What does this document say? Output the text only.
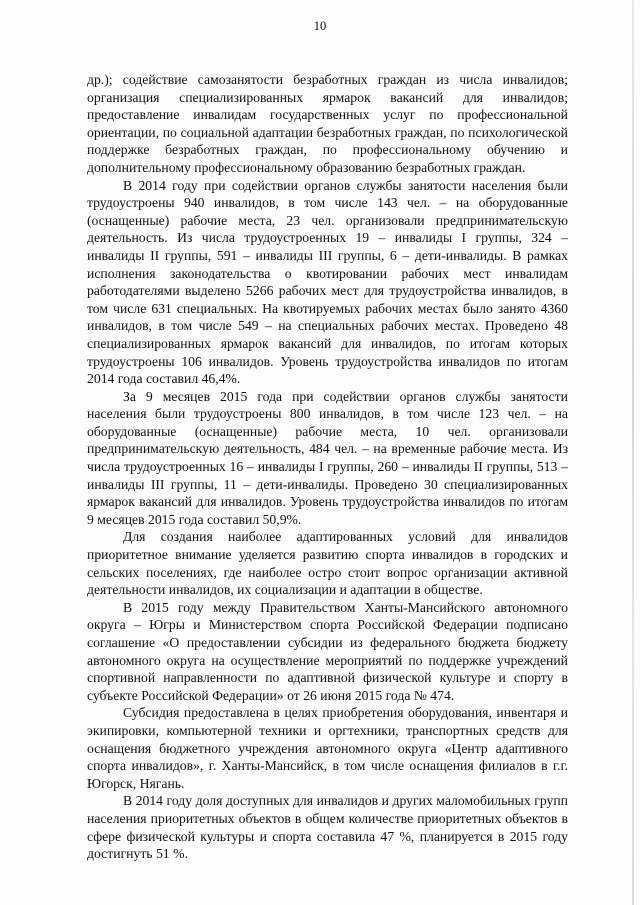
10

др.); содействие самозанятости безработных граждан из числа инвалидов; организация специализированных ярмарок вакансий для инвалидов; предоставление инвалидам государственных услуг по профессиональной ориентации, по социальной адаптации безработных граждан, по психологической поддержке безработных граждан, по профессиональному обучению и дополнительному профессиональному образованию безработных граждан.

В 2014 году при содействии органов службы занятости населения были трудоустроены 940 инвалидов, в том числе 143 чел. – на оборудованные (оснащенные) рабочие места, 23 чел. организовали предпринимательскую деятельность. Из числа трудоустроенных 19 – инвалиды I группы, 324 – инвалиды II группы, 591 – инвалиды III группы, 6 – дети-инвалиды. В рамках исполнения законодательства о квотировании рабочих мест инвалидам работодателями выделено 5266 рабочих мест для трудоустройства инвалидов, в том числе 631 специальных. На квотируемых рабочих местах было занято 4360 инвалидов, в том числе 549 – на специальных рабочих местах. Проведено 48 специализированных ярмарок вакансий для инвалидов, по итогам которых трудоустроены 106 инвалидов. Уровень трудоустройства инвалидов по итогам 2014 года составил 46,4%.

За 9 месяцев 2015 года при содействии органов службы занятости населения были трудоустроены 800 инвалидов, в том числе 123 чел. – на оборудованные (оснащенные) рабочие места, 10 чел. организовали предпринимательскую деятельность, 484 чел. – на временные рабочие места. Из числа трудоустроенных 16 – инвалиды I группы, 260 – инвалиды II группы, 513 – инвалиды III группы, 11 – дети-инвалиды. Проведено 30 специализированных ярмарок вакансий для инвалидов. Уровень трудоустройства инвалидов по итогам 9 месяцев 2015 года составил 50,9%.

Для создания наиболее адаптированных условий для инвалидов приоритетное внимание уделяется развитию спорта инвалидов в городских и сельских поселениях, где наиболее остро стоит вопрос организации активной деятельности инвалидов, их социализации и адаптации в обществе.

В 2015 году между Правительством Ханты-Мансийского автономного округа – Югры и Министерством спорта Российской Федерации подписано соглашение «О предоставлении субсидии из федерального бюджета бюджету автономного округа на осуществление мероприятий по поддержке учреждений спортивной направленности по адаптивной физической культуре и спорту в субъекте Российской Федерации» от 26 июня 2015 года № 474.

Субсидия предоставлена в целях приобретения оборудования, инвентаря и экипировки, компьютерной техники и оргтехники, транспортных средств для оснащения бюджетного учреждения автономного округа «Центр адаптивного спорта инвалидов», г. Ханты-Мансийск, в том числе оснащения филиалов в г.г. Югорск, Нягань.

В 2014 году доля доступных для инвалидов и других маломобильных групп населения приоритетных объектов в общем количестве приоритетных объектов в сфере физической культуры и спорта составила 47 %, планируется в 2015 году достигнуть 51 %.
